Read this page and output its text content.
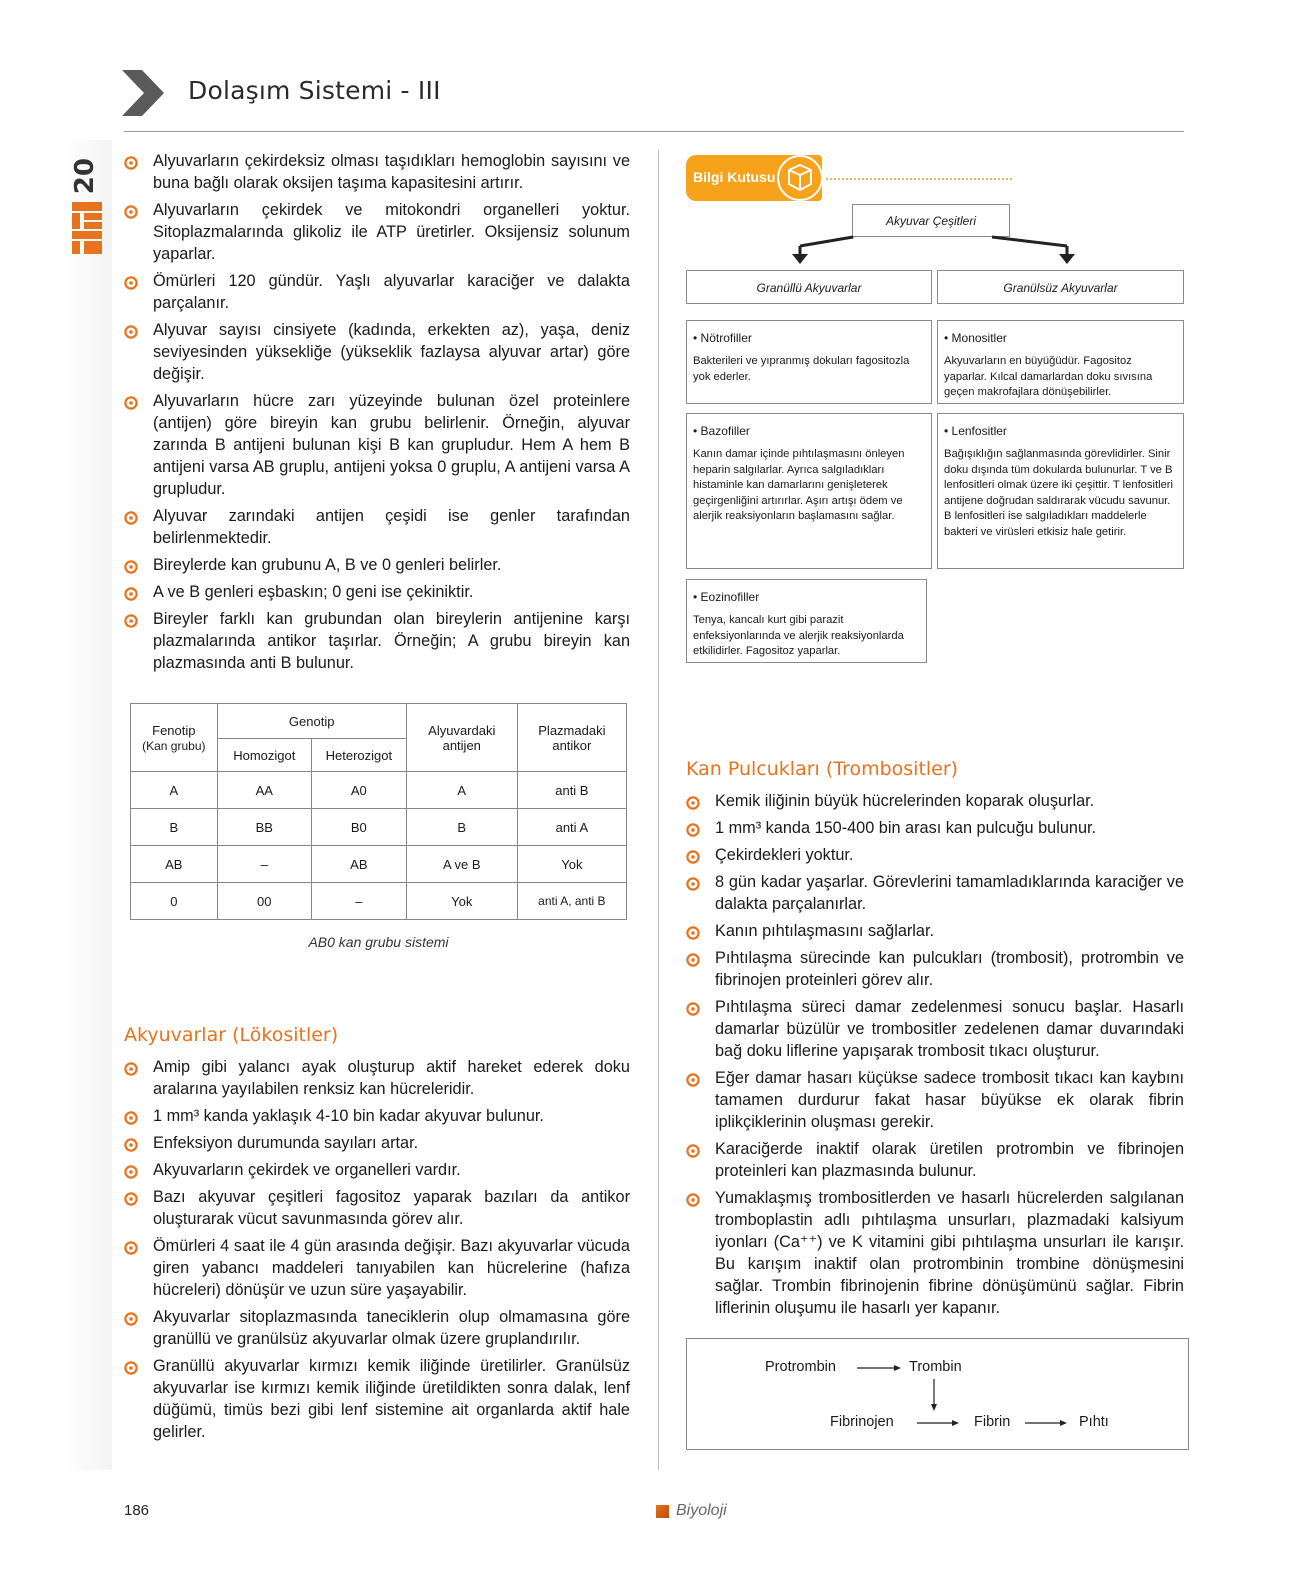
20
Dolaşım Sistemi - III
Alyuvarların çekirdeksiz olması taşıdıkları hemoglobin sayısını ve buna bağlı olarak oksijen taşıma kapasitesini artırır.
Alyuvarların çekirdek ve mitokondri organelleri yoktur. Sitoplazmalarında glikoliz ile ATP üretirler. Oksijensiz solunum yaparlar.
Ömürleri 120 gündür. Yaşlı alyuvarlar karaciğer ve dalakta parçalanır.
Alyuvar sayısı cinsiyete (kadında, erkekten az), yaşa, deniz seviyesinden yüksekliğe (yükseklik fazlaysa alyuvar artar) göre değişir.
Alyuvarların hücre zarı yüzeyinde bulunan özel proteinlere (antijen) göre bireyin kan grubu belirlenir. Örneğin, alyuvar zarında B antijeni bulunan kişi B kan grupludur. Hem A hem B antijeni varsa AB gruplu, antijeni yoksa 0 gruplu, A antijeni varsa A grupludur.
Alyuvar zarındaki antijen çeşidi ise genler tarafından belirlenmektedir.
Bireylerde kan grubunu A, B ve 0 genleri belirler.
A ve B genleri eşbaskın; 0 geni ise çekiniktir.
Bireyler farklı kan grubundan olan bireylerin antijenine karşı plazmalarında antikor taşırlar. Örneğin; A grubu bireyin kan plazmasında anti B bulunur.
Fenotip
(Kan grubu)	Genotip		Alyuvardaki antijen	Plazmadaki antikor
	Homozigot	Heterozigot		
A	AA	A0	A	anti B
B	BB	B0	B	anti A
AB	–	AB	A ve B	Yok
0	00	–	Yok	anti A, anti B
AB0 kan grubu sistemi
Akyuvarlar (Lökositler)
Amip gibi yalancı ayak oluşturup aktif hareket ederek doku aralarına yayılabilen renksiz kan hücreleridir.
1 mm³ kanda yaklaşık 4-10 bin kadar akyuvar bulunur.
Enfeksiyon durumunda sayıları artar.
Akyuvarların çekirdek ve organelleri vardır.
Bazı akyuvar çeşitleri fagositoz yaparak bazıları da antikor oluşturarak vücut savunmasında görev alır.
Ömürleri 4 saat ile 4 gün arasında değişir. Bazı akyuvarlar vücuda giren yabancı maddeleri tanıyabilen kan hücrelerine (hafıza hücreleri) dönüşür ve uzun süre yaşayabilir.
Akyuvarlar sitoplazmasında taneciklerin olup olmamasına göre granüllü ve granülsüz akyuvarlar olmak üzere gruplandırılır.
Granüllü akyuvarlar kırmızı kemik iliğinde üretilirler. Granülsüz akyuvarlar ise kırmızı kemik iliğinde üretildikten sonra dalak, lenf düğümü, timüs bezi gibi lenf sistemine ait organlarda aktif hale gelirler.
Bilgi Kutusu
Akyuvar Çeşitleri
Granüllü Akyuvarlar	Granülsüz Akyuvarlar
• Nötrofiller
Bakterileri ve yıpranmış dokuları fagositozla yok ederler.
• Monositler
Akyuvarların en büyüğüdür. Fagositoz yaparlar. Kılcal damarlardan doku sıvısına geçen makrofajlara dönüşebilirler.
• Bazofiller
Kanın damar içinde pıhtılaşmasını önleyen heparin salgılarlar. Ayrıca salgıladıkları histaminle kan damarlarını genişleterek geçirgenliğini artırırlar. Aşırı artışı ödem ve alerjik reaksiyonların başlamasını sağlar.
• Lenfositler
Bağışıklığın sağlanmasında görevlidirler. Sinir doku dışında tüm dokularda bulunurlar. T ve B lenfositleri olmak üzere iki çeşittir. T lenfositleri antijene doğrudan saldırarak vücudu savunur. B lenfositleri ise salgıladıkları maddelerle bakteri ve virüsleri etkisiz hale getirir.
• Eozinofiller
Tenya, kancalı kurt gibi parazit enfeksiyonlarında ve alerjik reaksiyonlarda etkilidirler. Fagositoz yaparlar.
Kan Pulcukları (Trombositler)
Kemik iliğinin büyük hücrelerinden koparak oluşurlar.
1 mm³ kanda 150-400 bin arası kan pulcuğu bulunur.
Çekirdekleri yoktur.
8 gün kadar yaşarlar. Görevlerini tamamladıklarında karaciğer ve dalakta parçalanırlar.
Kanın pıhtılaşmasını sağlarlar.
Pıhtılaşma sürecinde kan pulcukları (trombosit), protrombin ve fibrinojen proteinleri görev alır.
Pıhtılaşma süreci damar zedelenmesi sonucu başlar. Hasarlı damarlar büzülür ve trombositler zedelenen damar duvarındaki bağ doku liflerine yapışarak trombosit tıkacı oluşturur.
Eğer damar hasarı küçükse sadece trombosit tıkacı kan kaybını tamamen durdurur fakat hasar büyükse ek olarak fibrin iplikçiklerinin oluşması gerekir.
Karaciğerde inaktif olarak üretilen protrombin ve fibrinojen proteinleri kan plazmasında bulunur.
Yumaklaşmış trombositlerden ve hasarlı hücrelerden salgılanan tromboplastin adlı pıhtılaşma unsurları, plazmadaki kalsiyum iyonları (Ca⁺⁺) ve K vitamini gibi pıhtılaşma unsurları ile karışır. Bu karışım inaktif olan protrombinin trombine dönüşmesini sağlar. Trombin fibrinojenin fibrine dönüşümünü sağlar. Fibrin liflerinin oluşumu ile hasarlı yer kapanır.
Protrombin	Trombin
Fibrinojen	Fibrin	Pıhtı
186	Biyoloji
